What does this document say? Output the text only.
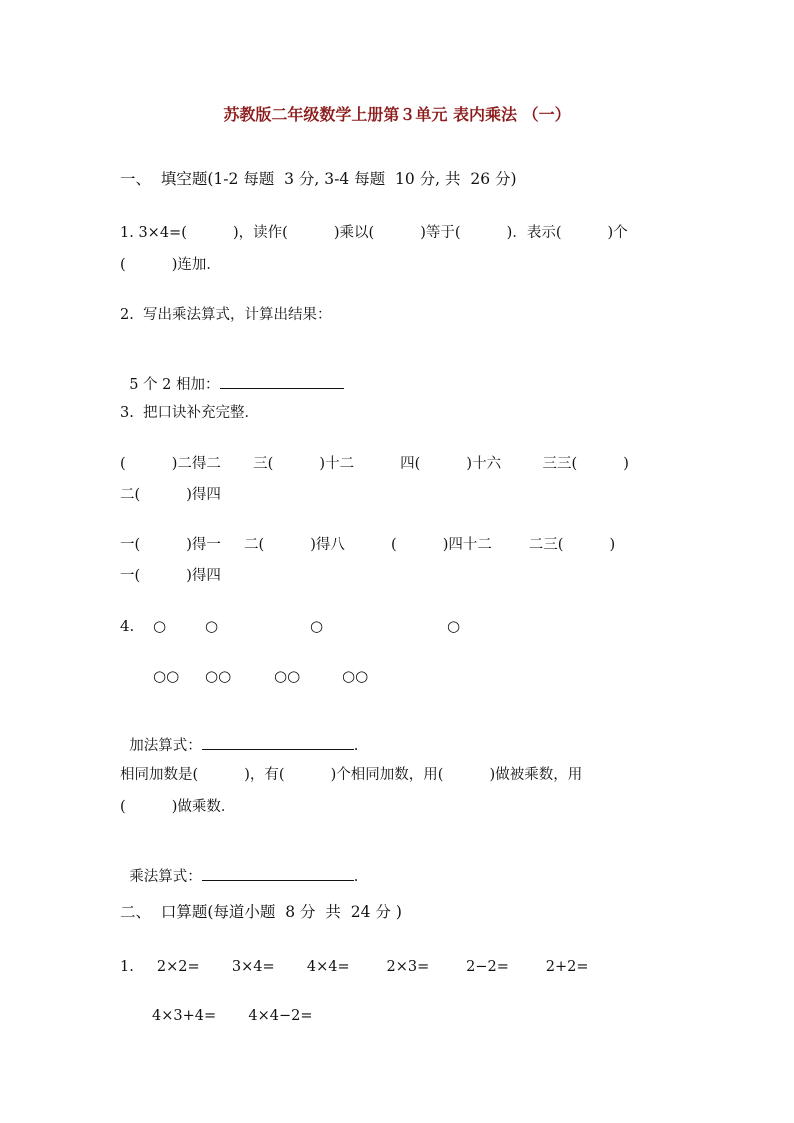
苏教版二年级数学上册第３单元 表内乘法 （一）
一、  填空题(1-2 每题  3 分, 3-4 每题  10 分, 共  26 分)
1. 3×4=(          )，读作(          )乘以(          )等于(          )．表示(          )个
(          )连加．
2.  写出乘法算式，计算出结果：

5 个 2 相加：

3.  把口诀补充完整．
(          )二得二       三(          )十二          四(          )十六         三三(          )
二(          )得四
一(          )得一     二(          )得八          (          )四十二        二三(          )
一(          )得四

4.

○

	○

	○

	○

○○

○○

	○○

	○○

加法算式：	.

相同加数是(          )，有(          )个相同加数，用(          )做被乘数，用
(          )做乘数．

乘法算式：	.

二、  口算题(每道小题  8 分  共  24 分 )
1.     2×2=       3×4=       4×4=        2×3=        2−2=        2+2=
4×3+4=       4×4−2=
